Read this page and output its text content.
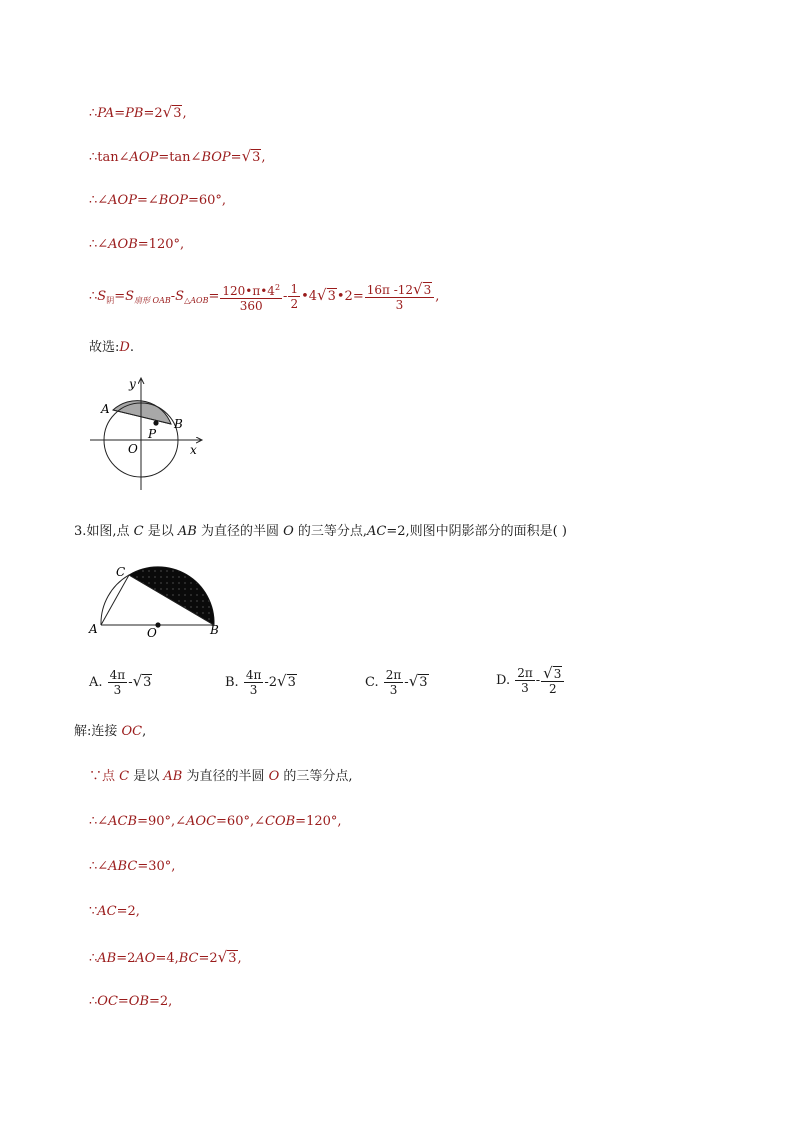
∴PA=PB=2√3,
∴tan∠AOP=tan∠BOP=√3,
∴∠AOP=∠BOP=60°,
∴∠AOB=120°,
$\therefore S_阴=S_{扇形 OAB}-S_{\triangle AOB}= \frac{120•\pi•4^2}{360} - \frac{1}{2}$ •4√3•2= $\frac{16\pi -12√3}{3}$ ,
故选:D.
y
x
A
B
P
O
3.如图,点 C 是以 AB 为直径的半圆 O 的三等分点,AC=2,则图中阴影部分的面积是( )
C
A	O	B
A. $\frac{4\pi}{3} -√3$	B. $\frac{4\pi}{3} -2√3$	C. $\frac{2\pi}{3} -√3$	D. $\frac{2\pi}{3} - \frac{√3}{2}$
解:连接 OC,
∵点 C 是以 AB 为直径的半圆 O 的三等分点,
∴∠ACB=90°,∠AOC=60°,∠COB=120°,
∴∠ABC=30°,
∵AC=2,
∴AB=2AO=4,BC=2√3,
∴OC=OB=2,
